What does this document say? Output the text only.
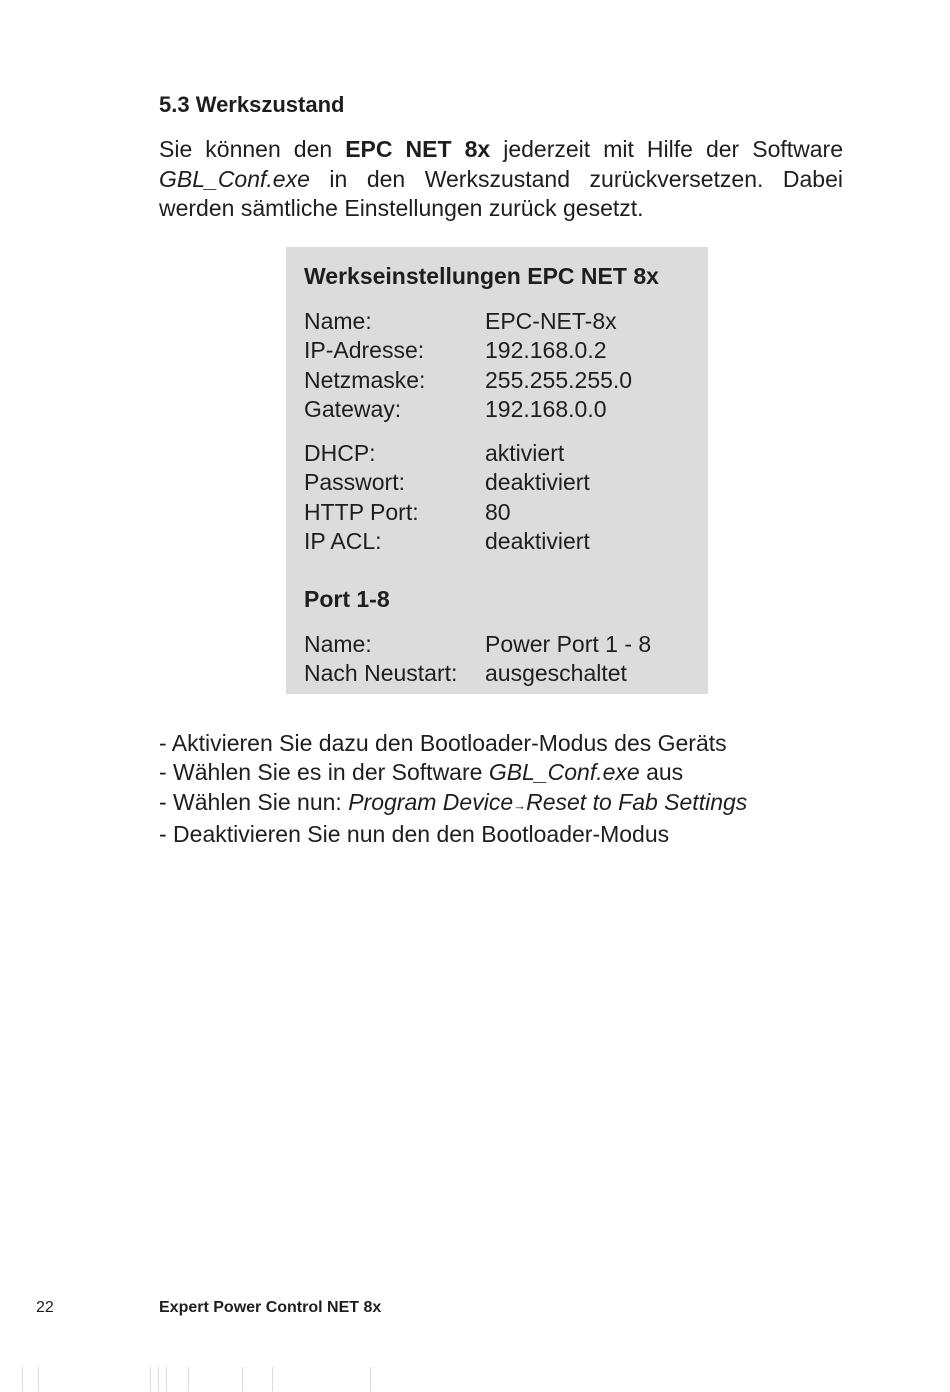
5.3 Werkszustand
Sie können den EPC NET 8x jederzeit mit Hilfe der Software GBL_Conf.exe in den Werkszustand zurückversetzen. Dabei werden sämtliche Einstellungen zurück gesetzt.
Werkseinstellungen EPC NET 8x
Name:	EPC-NET-8x
IP-Adresse:	192.168.0.2
Netzmaske:	255.255.255.0
Gateway:	192.168.0.0
DHCP:	aktiviert
Passwort:	deaktiviert
HTTP Port:	80
IP ACL:	deaktiviert
Port 1-8
Name:	Power Port 1 - 8
Nach Neustart:	ausgeschaltet
- Aktivieren Sie dazu den Bootloader-Modus des Geräts
- Wählen Sie es in der Software GBL_Conf.exe aus
- Wählen Sie nun: Program Device→Reset to Fab Settings
- Deaktivieren Sie nun den den Bootloader-Modus
22	Expert Power Control NET 8x
